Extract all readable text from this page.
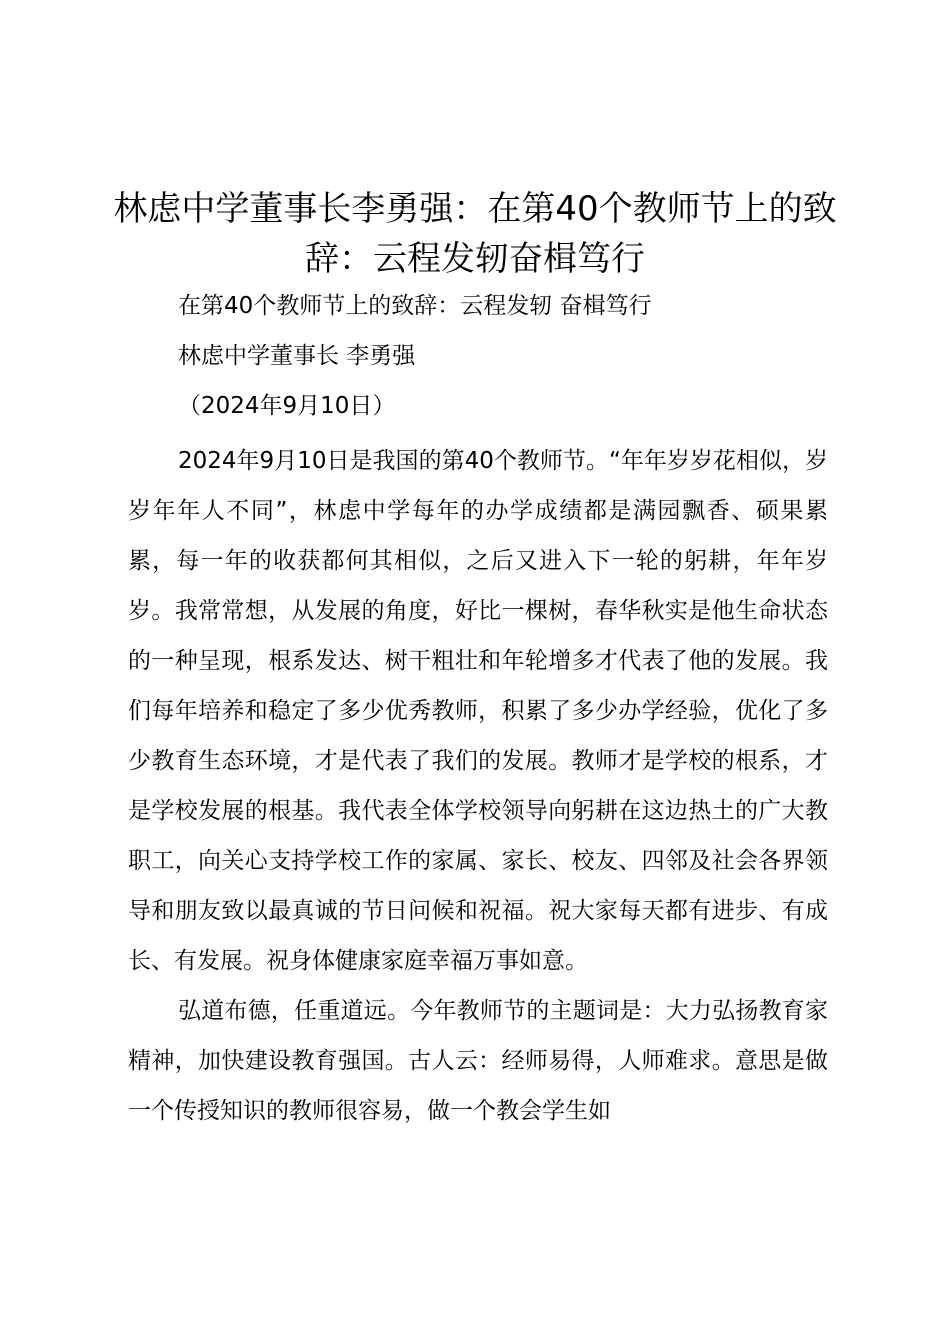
林虑中学董事长李勇强：在第40个教师节上的致辞：云程发轫奋楫笃行

在第40个教师节上的致辞：云程发轫 奋楫笃行

林虑中学董事长 李勇强

（2024年9月10日）

2024年9月10日是我国的第40个教师节。“年年岁岁花相似，岁岁年年人不同”，林虑中学每年的办学成绩都是满园飘香、硕果累累，每一年的收获都何其相似，之后又进入下一轮的躬耕，年年岁岁。我常常想，从发展的角度，好比一棵树，春华秋实是他生命状态的一种呈现，根系发达、树干粗壮和年轮增多才代表了他的发展。我们每年培养和稳定了多少优秀教师，积累了多少办学经验，优化了多少教育生态环境，才是代表了我们的发展。教师才是学校的根系，才是学校发展的根基。我代表全体学校领导向躬耕在这边热土的广大教职工，向关心支持学校工作的家属、家长、校友、四邻及社会各界领导和朋友致以最真诚的节日问候和祝福。祝大家每天都有进步、有成长、有发展。祝身体健康家庭幸福万事如意。

弘道布德，任重道远。今年教师节的主题词是：大力弘扬教育家精神，加快建设教育强国。古人云：经师易得，人师难求。意思是做一个传授知识的教师很容易，做一个教会学生如
